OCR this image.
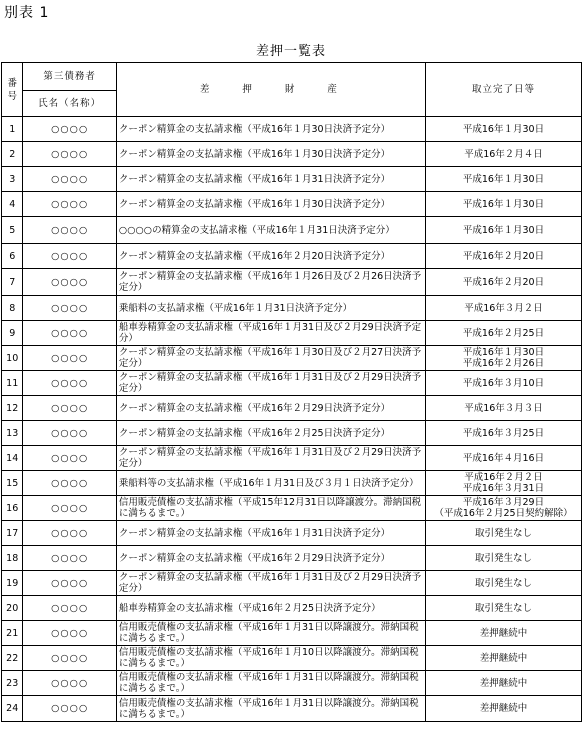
別表 1
差押一覧表
番号	第三債務者	差押財産	取立完了日等
	氏名（名称）		
1	○○○○	クーポン精算金の支払請求権（平成16年１月30日決済予定分）	平成16年１月30日

2	○○○○	クーポン精算金の支払請求権（平成16年１月30日決済予定分）	平成16年２月４日

3	○○○○	クーポン精算金の支払請求権（平成16年１月31日決済予定分）	平成16年１月30日

4	○○○○	クーポン精算金の支払請求権（平成16年１月30日決済予定分）	平成16年１月30日

5	○○○○	○○○○の精算金の支払請求権（平成16年１月31日決済予定分）	平成16年１月30日

6	○○○○	クーポン精算金の支払請求権（平成16年２月20日決済予定分）	平成16年２月20日

7	○○○○	クーポン精算金の支払請求権（平成16年１月26日及び２月26日決済予定分）	平成16年２月20日

8	○○○○	乗船料の支払請求権（平成16年１月31日決済予定分）	平成16年３月２日

9	○○○○	船車券精算金の支払請求権（平成16年１月31日及び２月29日決済予定分）	平成16年２月25日

10	○○○○	クーポン精算金の支払請求権（平成16年１月30日及び２月27日決済予定分）	平成16年１月30日
平成16年２月26日

11	○○○○	クーポン精算金の支払請求権（平成16年１月31日及び２月29日決済予定分）	平成16年３月10日

12	○○○○	クーポン精算金の支払請求権（平成16年２月29日決済予定分）	平成16年３月３日

13	○○○○	クーポン精算金の支払請求権（平成16年２月25日決済予定分）	平成16年３月25日

14	○○○○	クーポン精算金の支払請求権（平成16年１月31日及び２月29日決済予定分）	平成16年４月16日

15	○○○○	乗船料等の支払請求権（平成16年１月31日及び３月１日決済予定分）	平成16年２月２日
平成16年３月31日

16	○○○○	信用販売債権の支払請求権（平成15年12月31日以降譲渡分。滞納国税に満ちるまで。）	平成16年３月29日
（平成16年２月25日契約解除）

17	○○○○	クーポン精算金の支払請求権（平成16年１月31日決済予定分）	取引発生なし

18	○○○○	クーポン精算金の支払請求権（平成16年２月29日決済予定分）	取引発生なし

19	○○○○	クーポン精算金の支払請求権（平成16年１月31日及び２月29日決済予定分）	取引発生なし

20	○○○○	船車券精算金の支払請求権（平成16年２月25日決済予定分）	取引発生なし

21	○○○○	信用販売債権の支払請求権（平成16年１月31日以降譲渡分。滞納国税に満ちるまで。）	差押継続中

22	○○○○	信用販売債権の支払請求権（平成16年１月10日以降譲渡分。滞納国税に満ちるまで。）	差押継続中

23	○○○○	信用販売債権の支払請求権（平成16年１月31日以降譲渡分。滞納国税に満ちるまで。）	差押継続中

24	○○○○	信用販売債権の支払請求権（平成16年１月31日以降譲渡分。滞納国税に満ちるまで。）	差押継続中
